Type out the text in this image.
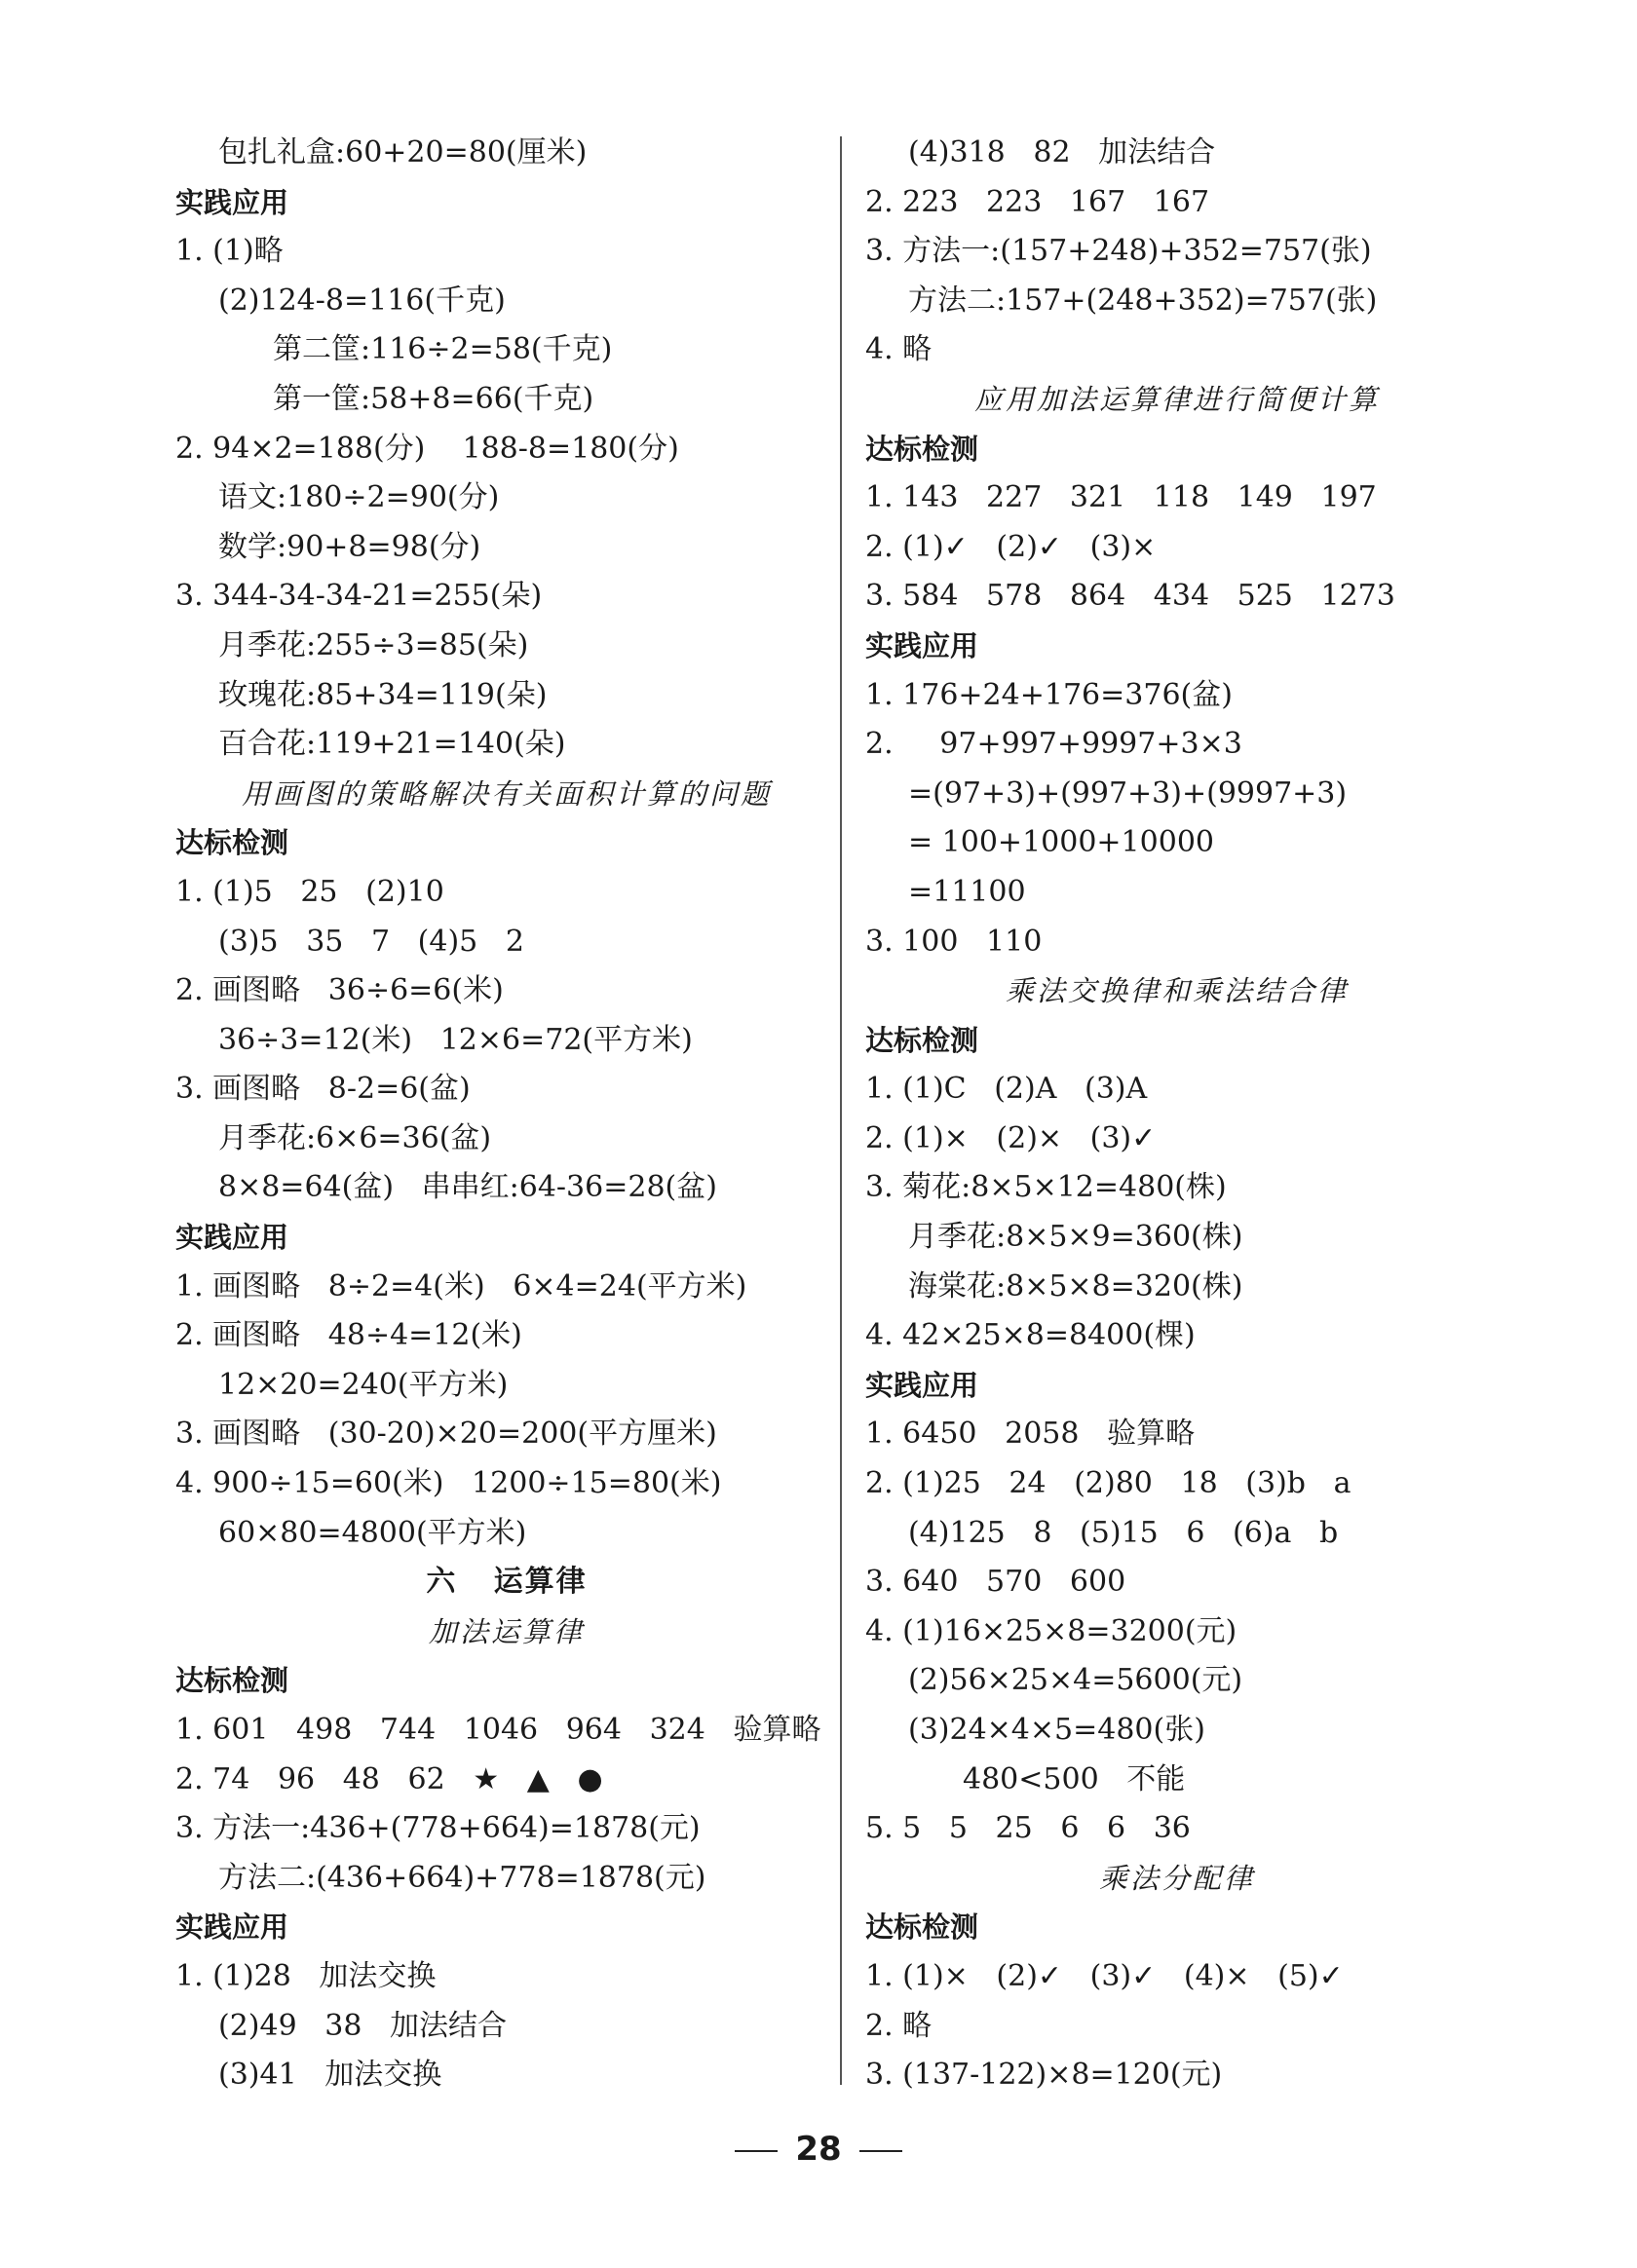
包扎礼盒:60+20=80(厘米)
实践应用
1. (1)略
(2)124-8=116(千克)
第二筐:116÷2=58(千克)
第一筐:58+8=66(千克)
2. 94×2=188(分)    188-8=180(分)
语文:180÷2=90(分)
数学:90+8=98(分)
3. 344-34-34-21=255(朵)
月季花:255÷3=85(朵)
玫瑰花:85+34=119(朵)
百合花:119+21=140(朵)
用画图的策略解决有关面积计算的问题
达标检测
1. (1)5   25   (2)10
(3)5   35   7   (4)5   2
2. 画图略   36÷6=6(米)
36÷3=12(米)   12×6=72(平方米)
3. 画图略   8-2=6(盆)
月季花:6×6=36(盆)
8×8=64(盆)   串串红:64-36=28(盆)
实践应用
1. 画图略   8÷2=4(米)   6×4=24(平方米)
2. 画图略   48÷4=12(米)
12×20=240(平方米)
3. 画图略   (30-20)×20=200(平方厘米)
4. 900÷15=60(米)   1200÷15=80(米)
60×80=4800(平方米)
六   运算律
加法运算律
达标检测
1. 601   498   744   1046   964   324   验算略
2. 74   96   48   62   ★   ▲   ●
3. 方法一:436+(778+664)=1878(元)
方法二:(436+664)+778=1878(元)
实践应用
1. (1)28   加法交换
(2)49   38   加法结合
(3)41   加法交换
(4)318   82   加法结合
2. 223   223   167   167
3. 方法一:(157+248)+352=757(张)
方法二:157+(248+352)=757(张)
4. 略
应用加法运算律进行简便计算
达标检测
1. 143   227   321   118   149   197
2. (1)✓   (2)✓   (3)×
3. 584   578   864   434   525   1273
实践应用
1. 176+24+176=376(盆)
2.     97+997+9997+3×3
=(97+3)+(997+3)+(9997+3)
= 100+1000+10000
=11100
3. 100   110
乘法交换律和乘法结合律
达标检测
1. (1)C   (2)A   (3)A
2. (1)×   (2)×   (3)✓
3. 菊花:8×5×12=480(株)
月季花:8×5×9=360(株)
海棠花:8×5×8=320(株)
4. 42×25×8=8400(棵)
实践应用
1. 6450   2058   验算略
2. (1)25   24   (2)80   18   (3)b   a
(4)125   8   (5)15   6   (6)a   b
3. 640   570   600
4. (1)16×25×8=3200(元)
(2)56×25×4=5600(元)
(3)24×4×5=480(张)
480<500   不能
5. 5   5   25   6   6   36
乘法分配律
达标检测
1. (1)×   (2)✓   (3)✓   (4)×   (5)✓
2. 略
3. (137-122)×8=120(元)
28
